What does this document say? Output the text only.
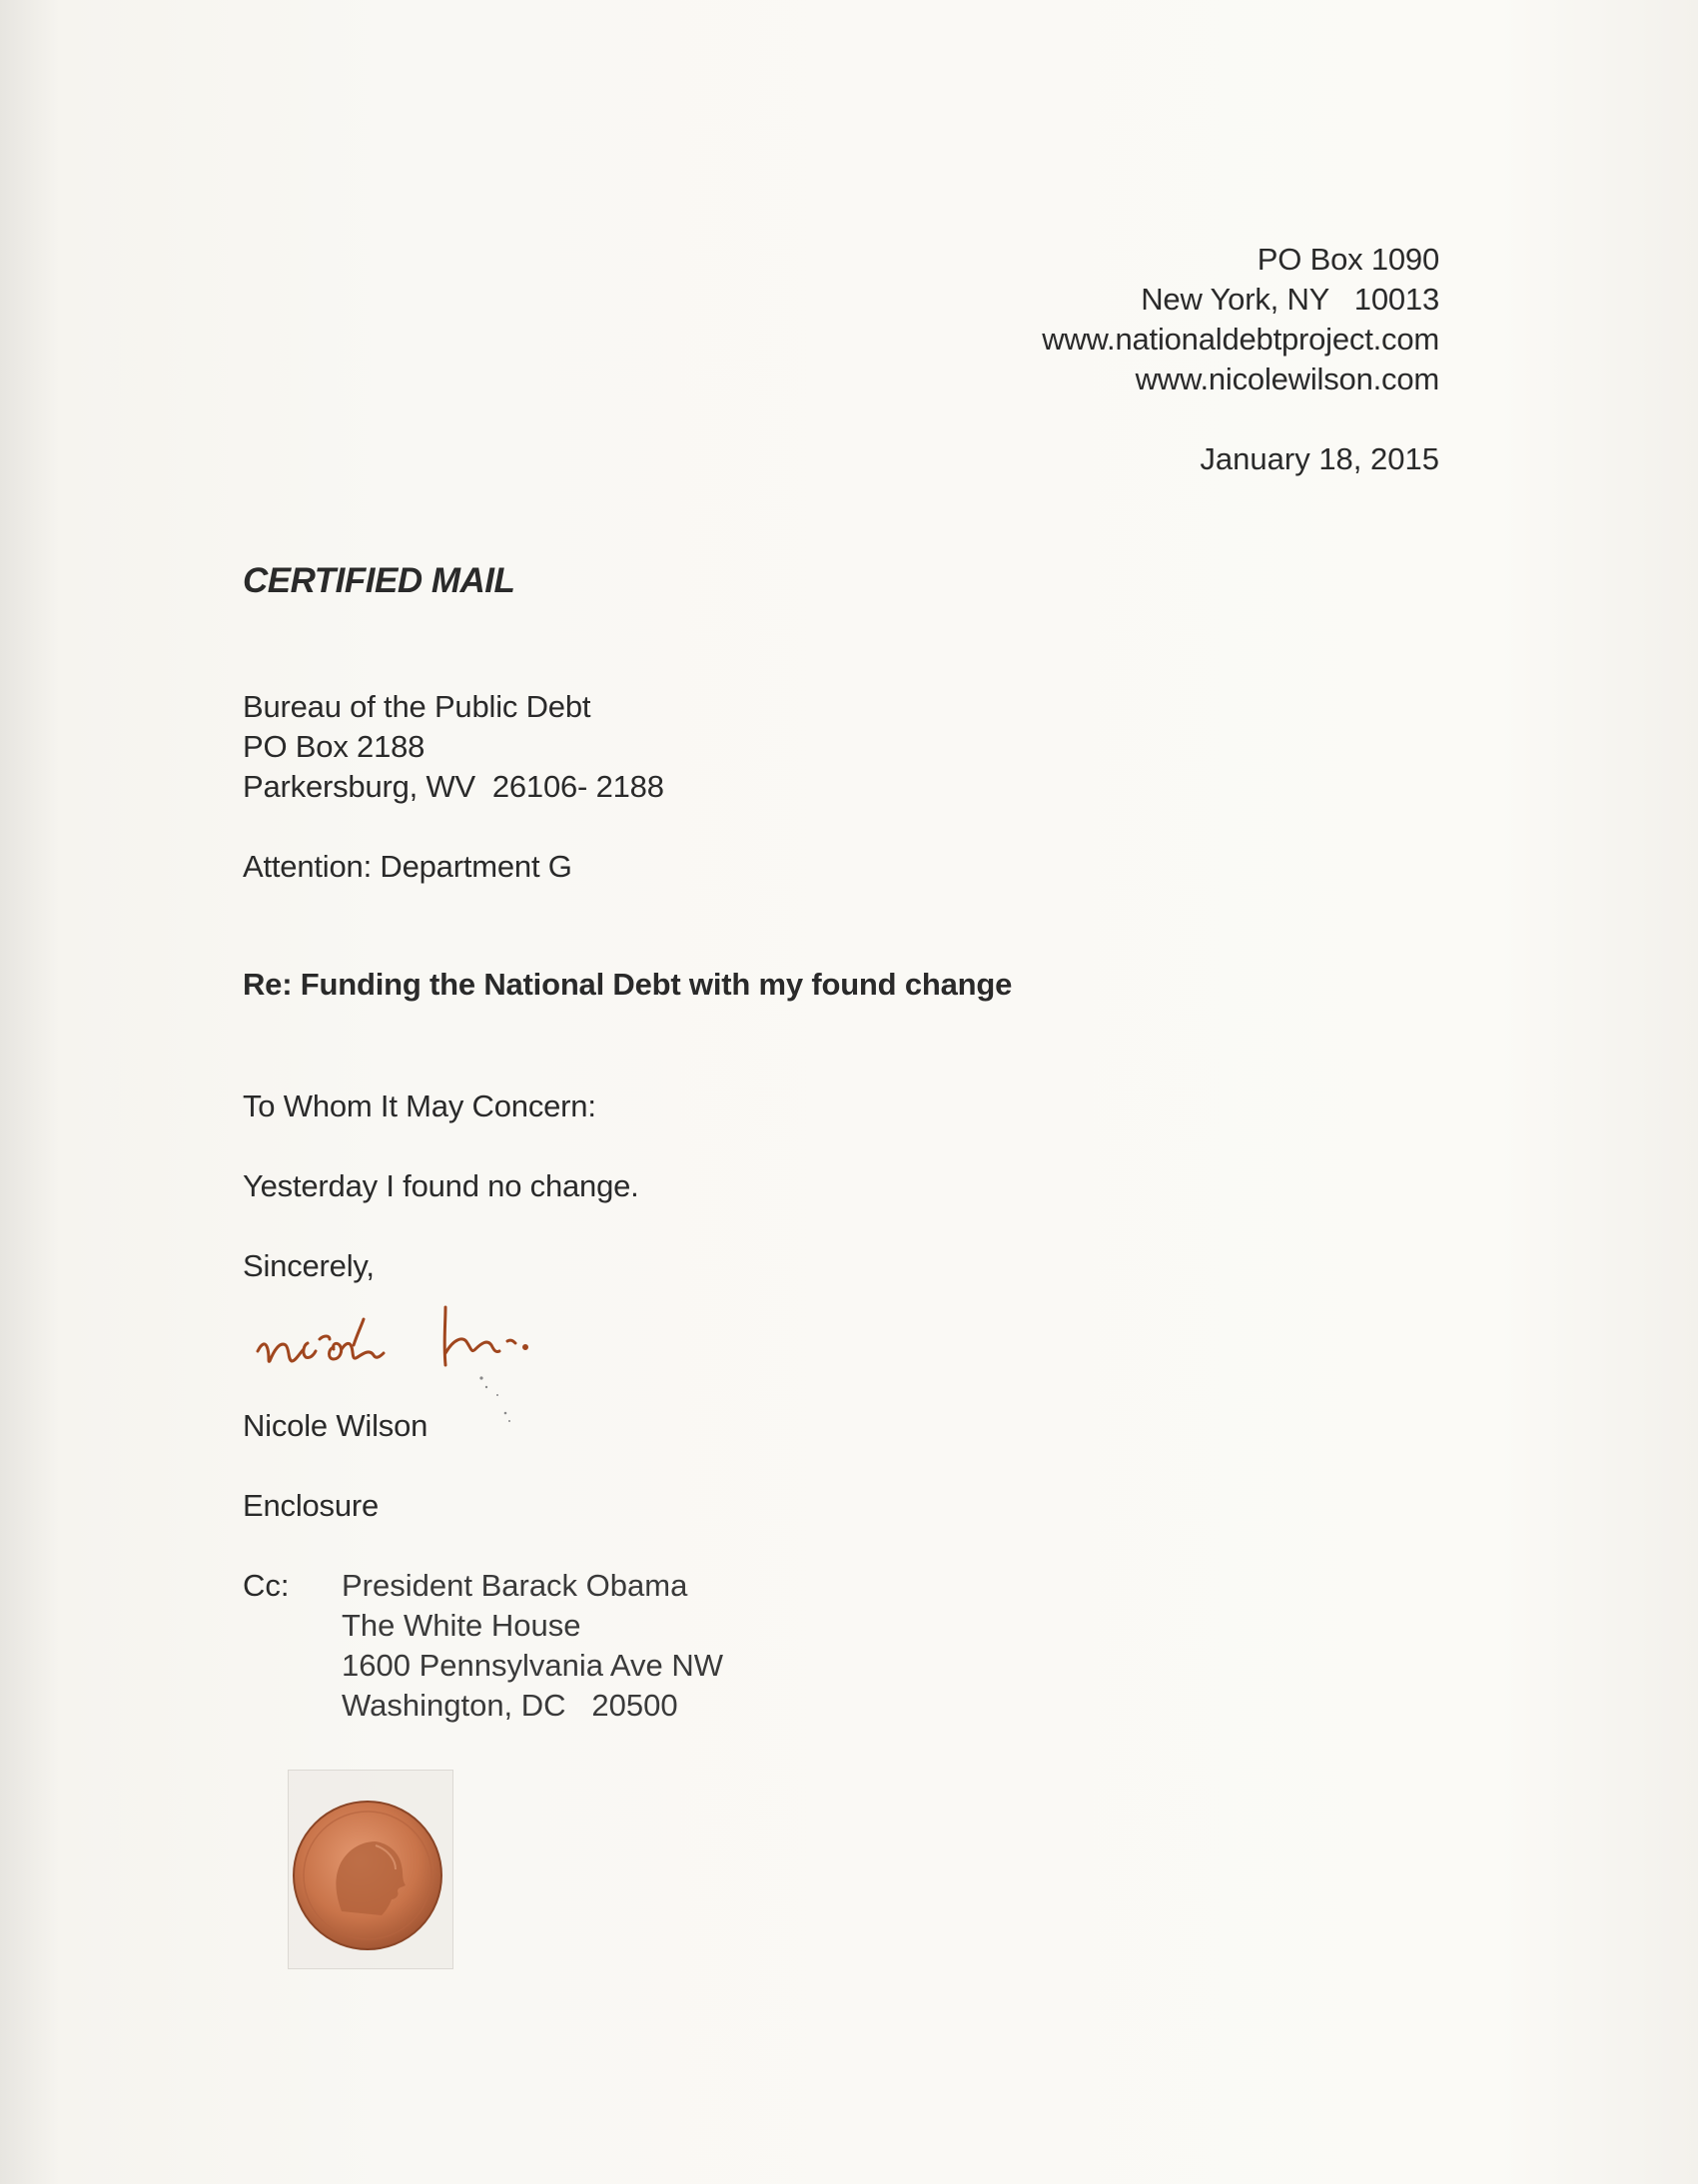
PO Box 1090
New York, NY   10013
www.nationaldebtproject.com
www.nicolewilson.com
January 18, 2015
CERTIFIED MAIL
Bureau of the Public Debt
PO Box 2188
Parkersburg, WV  26106- 2188
Attention: Department G
Re: Funding the National Debt with my found change
To Whom It May Concern:
Yesterday I found no change.
Sincerely,
Nicole Wilson
Enclosure
Cc: President Barack Obama
The White House
1600 Pennsylvania Ave NW
Washington, DC   20500
